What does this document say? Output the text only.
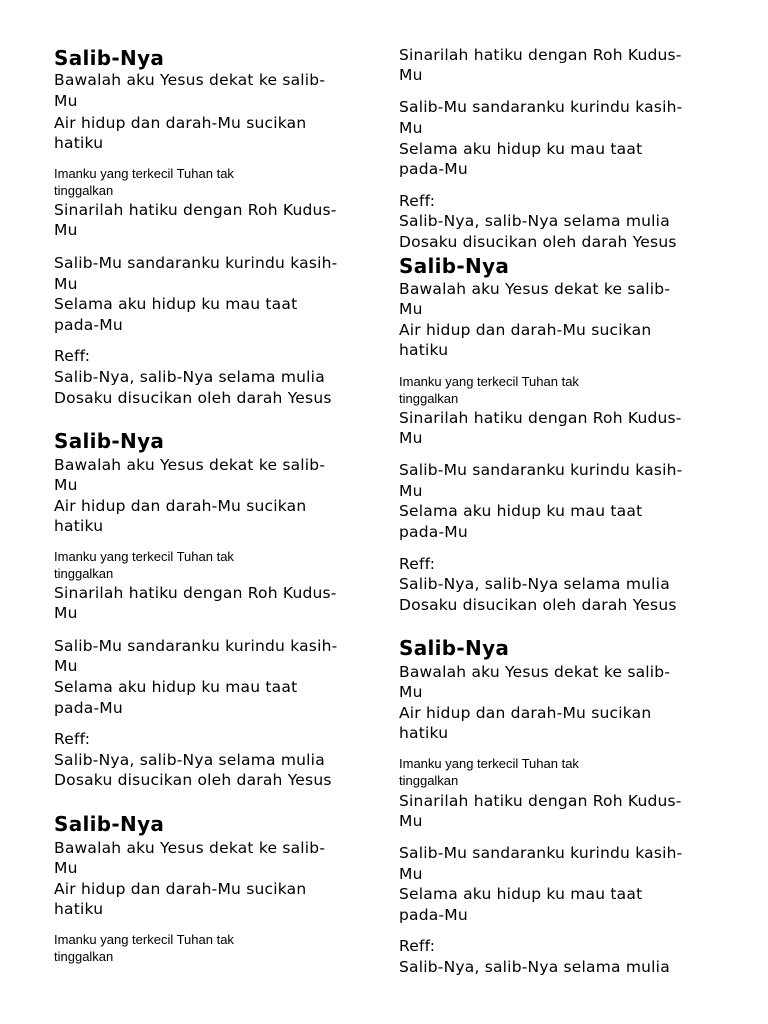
Salib-Nya
Bawalah aku Yesus dekat ke salib-
Mu
Air hidup dan darah-Mu sucikan
hatiku
Imanku yang terkecil Tuhan tak
tinggalkan
Sinarilah hatiku dengan Roh Kudus-
Mu
Salib-Mu sandaranku kurindu kasih-
Mu
Selama aku hidup ku mau taat
pada-Mu
Reff:
Salib-Nya, salib-Nya selama mulia
Dosaku disucikan oleh darah Yesus
Salib-Nya
Bawalah aku Yesus dekat ke salib-
Mu
Air hidup dan darah-Mu sucikan
hatiku
Imanku yang terkecil Tuhan tak
tinggalkan
Sinarilah hatiku dengan Roh Kudus-
Mu
Salib-Mu sandaranku kurindu kasih-
Mu
Selama aku hidup ku mau taat
pada-Mu
Reff:
Salib-Nya, salib-Nya selama mulia
Dosaku disucikan oleh darah Yesus
Salib-Nya
Bawalah aku Yesus dekat ke salib-
Mu
Air hidup dan darah-Mu sucikan
hatiku
Imanku yang terkecil Tuhan tak
tinggalkan
Sinarilah hatiku dengan Roh Kudus-
Mu
Salib-Mu sandaranku kurindu kasih-
Mu
Selama aku hidup ku mau taat
pada-Mu
Reff:
Salib-Nya, salib-Nya selama mulia
Dosaku disucikan oleh darah Yesus
Salib-Nya
Bawalah aku Yesus dekat ke salib-
Mu
Air hidup dan darah-Mu sucikan
hatiku
Imanku yang terkecil Tuhan tak
tinggalkan
Sinarilah hatiku dengan Roh Kudus-
Mu
Salib-Mu sandaranku kurindu kasih-
Mu
Selama aku hidup ku mau taat
pada-Mu
Reff:
Salib-Nya, salib-Nya selama mulia
Dosaku disucikan oleh darah Yesus
Salib-Nya
Bawalah aku Yesus dekat ke salib-
Mu
Air hidup dan darah-Mu sucikan
hatiku
Imanku yang terkecil Tuhan tak
tinggalkan
Sinarilah hatiku dengan Roh Kudus-
Mu
Salib-Mu sandaranku kurindu kasih-
Mu
Selama aku hidup ku mau taat
pada-Mu
Reff:
Salib-Nya, salib-Nya selama mulia
